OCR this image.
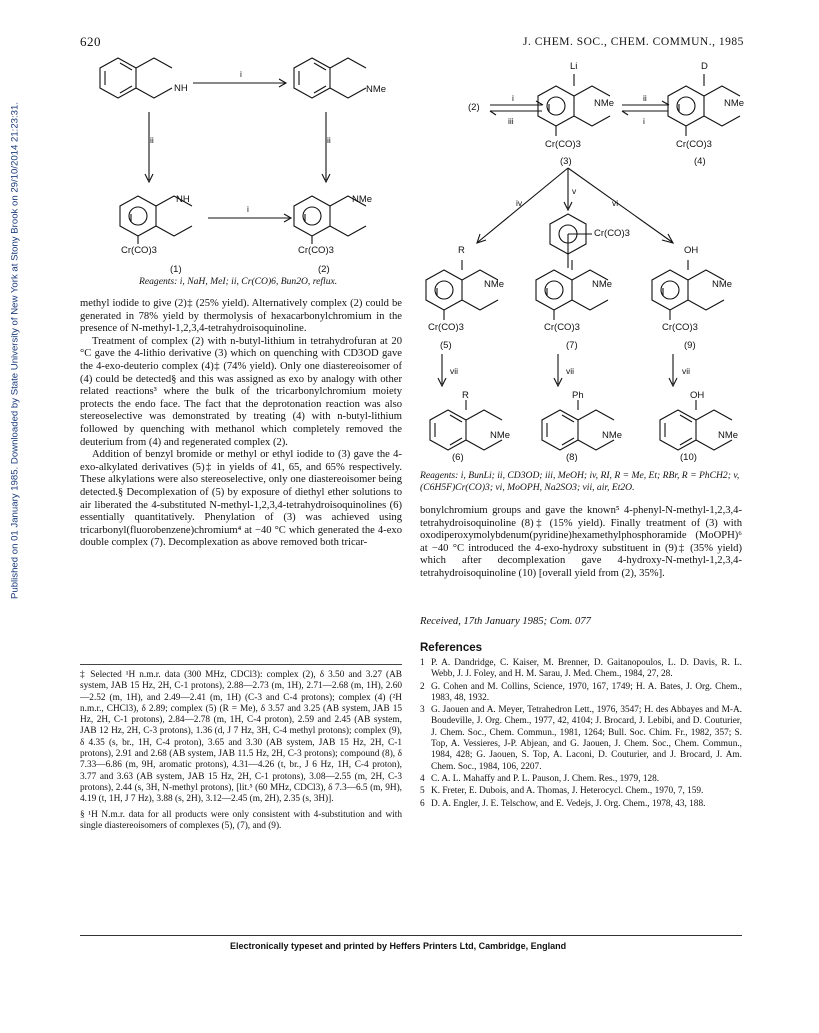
620	J. CHEM. SOC., CHEM. COMMUN., 1985
Published on 01 January 1985. Downloaded by State University of New York at Stony Brook on 29/10/2014 21:23:31.
NH
i
NMe
ii	ii
NH
Cr(CO)3
i
NMe
Cr(CO)3
(1)	(2)
Reagents: i, NaH, MeI; ii, Cr(CO)6, Bun2O, reflux.

methyl iodide to give (2)‡ (25% yield). Alternatively complex (2) could be generated in 78% yield by thermolysis of hexacarbonylchromium in the presence of N-methyl-1,2,3,4-tetrahydroisoquinoline.

Treatment of complex (2) with n-butyl-lithium in tetrahydrofuran at 20 °C gave the 4-lithio derivative (3) which on quenching with CD3OD gave the 4-exo-deuterio complex (4)‡ (74% yield). Only one diastereoisomer of (4) could be detected§ and this was assigned as exo by analogy with other related reactions³ where the bulk of the tricarbonylchromium moiety protects the endo face. The fact that the deprotonation reaction was also stereoselective was demonstrated by treating (4) with n-butyl-lithium followed by quenching with methanol which completely removed the deuterium from (4) and regenerated complex (2).

Addition of benzyl bromide or methyl or ethyl iodide to (3) gave the 4-exo-alkylated derivatives (5)‡ in yields of 41, 65, and 65% respectively. These alkylations were also stereoselective, only one diastereoisomer being detected.§ Decomplexation of (5) by exposure of diethyl ether solutions to air liberated the 4-substituted N-methyl-1,2,3,4-tetrahydroisoquinolines (6) essentially quantitatively. Phenylation of (3) was achieved using tricarbonyl(fluorobenzene)chromium⁴ at −40 °C which generated the 4-exo double complex (7). Decomplexation as above removed both tricar-

‡ Selected ¹H n.m.r. data (300 MHz, CDCl3): complex (2), δ 3.50 and 3.27 (AB system, JAB 15 Hz, 2H, C-1 protons), 2.88—2.73 (m, 1H), 2.71—2.68 (m, 1H), 2.60—2.52 (m, 1H), and 2.49—2.41 (m, 1H) (C-3 and C-4 protons); complex (4) (²H n.m.r., CHCl3), δ 2.89; complex (5) (R = Me), δ 3.57 and 3.25 (AB system, JAB 15 Hz, 2H, C-1 protons), 2.84—2.78 (m, 1H, C-4 proton), 2.59 and 2.45 (AB system, JAB 12 Hz, 2H, C-3 protons), 1.36 (d, J 7 Hz, 3H, C-4 methyl protons); complex (9), δ 4.35 (s, br., 1H, C-4 proton), 3.65 and 3.30 (AB system, JAB 15 Hz, 2H, C-1 protons), 2.91 and 2.68 (AB system, JAB 11.5 Hz, 2H, C-3 protons); compound (8), δ 7.33—6.86 (m, 9H, aromatic protons), 4.31—4.26 (t, br., J 6 Hz, 1H, C-4 proton), 3.77 and 3.63 (AB system, JAB 15 Hz, 2H, C-1 protons), 3.08—2.55 (m, 2H, C-3 protons), 2.44 (s, 3H, N-methyl protons), [lit.⁵ (60 MHz, CDCl3), δ 7.3—6.5 (m, 9H), 4.19 (t, 1H, J 7 Hz), 3.88 (s, 2H), 3.12—2.45 (m, 2H), 2.35 (s, 3H)].

§ ¹H N.m.r. data for all products were only consistent with 4-substitution and with single diastereoisomers of complexes (5), (7), and (9).

(2)
i
iii
Li
NMe
Cr(CO)3
(3)
ii
i
D
NMe
Cr(CO)3
(4)
iv
v
vi
Cr(CO)3
R
NMe
Cr(CO)3
(5)
NMe
Cr(CO)3
(7)
OH
NMe
Cr(CO)3
(9)
vii	vii	vii
R
NMe
(6)
Ph
NMe
(8)
OH
NMe
(10)
Reagents: i, BunLi; ii, CD3OD; iii, MeOH; iv, RI, R = Me, Et; RBr, R = PhCH2; v, (C6H5F)Cr(CO)3; vi, MoOPH, Na2SO3; vii, air, Et2O.

bonylchromium groups and gave the known⁵ 4-phenyl-N-methyl-1,2,3,4-tetrahydroisoquinoline (8)‡ (15% yield). Finally treatment of (3) with oxodiperoxymolybdenum(pyridine)hexamethylphosphoramide (MoOPH)⁶ at −40 °C introduced the 4-exo-hydroxy substituent in (9)‡ (35% yield) which after decomplexation gave 4-hydroxy-N-methyl-1,2,3,4-tetrahydroisoquinoline (10) [overall yield from (2), 35%].

Received, 17th January 1985; Com. 077
References
1 P. A. Dandridge, C. Kaiser, M. Brenner, D. Gaitanopoulos, L. D. Davis, R. L. Webb, J. J. Foley, and H. M. Sarau, J. Med. Chem., 1984, 27, 28.
2 G. Cohen and M. Collins, Science, 1970, 167, 1749; H. A. Bates, J. Org. Chem., 1983, 48, 1932.
3 G. Jaouen and A. Meyer, Tetrahedron Lett., 1976, 3547; H. des Abbayes and M-A. Boudeville, J. Org. Chem., 1977, 42, 4104; J. Brocard, J. Lebibi, and D. Couturier, J. Chem. Soc., Chem. Commun., 1981, 1264; Bull. Soc. Chim. Fr., 1982, 357; S. Top, A. Vessieres, J-P. Abjean, and G. Jaouen, J. Chem. Soc., Chem. Commun., 1984, 428; G. Jaouen, S. Top, A. Laconi, D. Couturier, and J. Brocard, J. Am. Chem. Soc., 1984, 106, 2207.
4 C. A. L. Mahaffy and P. L. Pauson, J. Chem. Res., 1979, 128.
5 K. Freter, E. Dubois, and A. Thomas, J. Heterocycl. Chem., 1970, 7, 159.
6 D. A. Engler, J. E. Telschow, and E. Vedejs, J. Org. Chem., 1978, 43, 188.
Electronically typeset and printed by Heffers Printers Ltd, Cambridge, England
